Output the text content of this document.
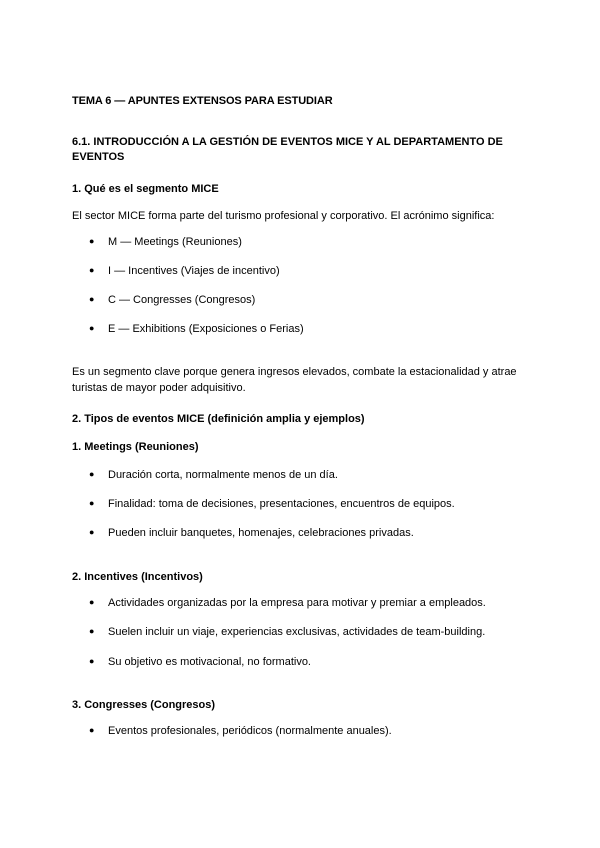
TEMA 6 — APUNTES EXTENSOS PARA ESTUDIAR
6.1. INTRODUCCIÓN A LA GESTIÓN DE EVENTOS MICE Y AL DEPARTAMENTO DE EVENTOS
1. Qué es el segmento MICE
El sector MICE forma parte del turismo profesional y corporativo. El acrónimo significa:
● M — Meetings (Reuniones)
● I — Incentives (Viajes de incentivo)
● C — Congresses (Congresos)
● E — Exhibitions (Exposiciones o Ferias)
Es un segmento clave porque genera ingresos elevados, combate la estacionalidad y atrae turistas de mayor poder adquisitivo.
2. Tipos de eventos MICE (definición amplia y ejemplos)
1. Meetings (Reuniones)
● Duración corta, normalmente menos de un día.
● Finalidad: toma de decisiones, presentaciones, encuentros de equipos.
● Pueden incluir banquetes, homenajes, celebraciones privadas.
2. Incentives (Incentivos)
● Actividades organizadas por la empresa para motivar y premiar a empleados.
● Suelen incluir un viaje, experiencias exclusivas, actividades de team-building.
● Su objetivo es motivacional, no formativo.
3. Congresses (Congresos)
● Eventos profesionales, periódicos (normalmente anuales).
